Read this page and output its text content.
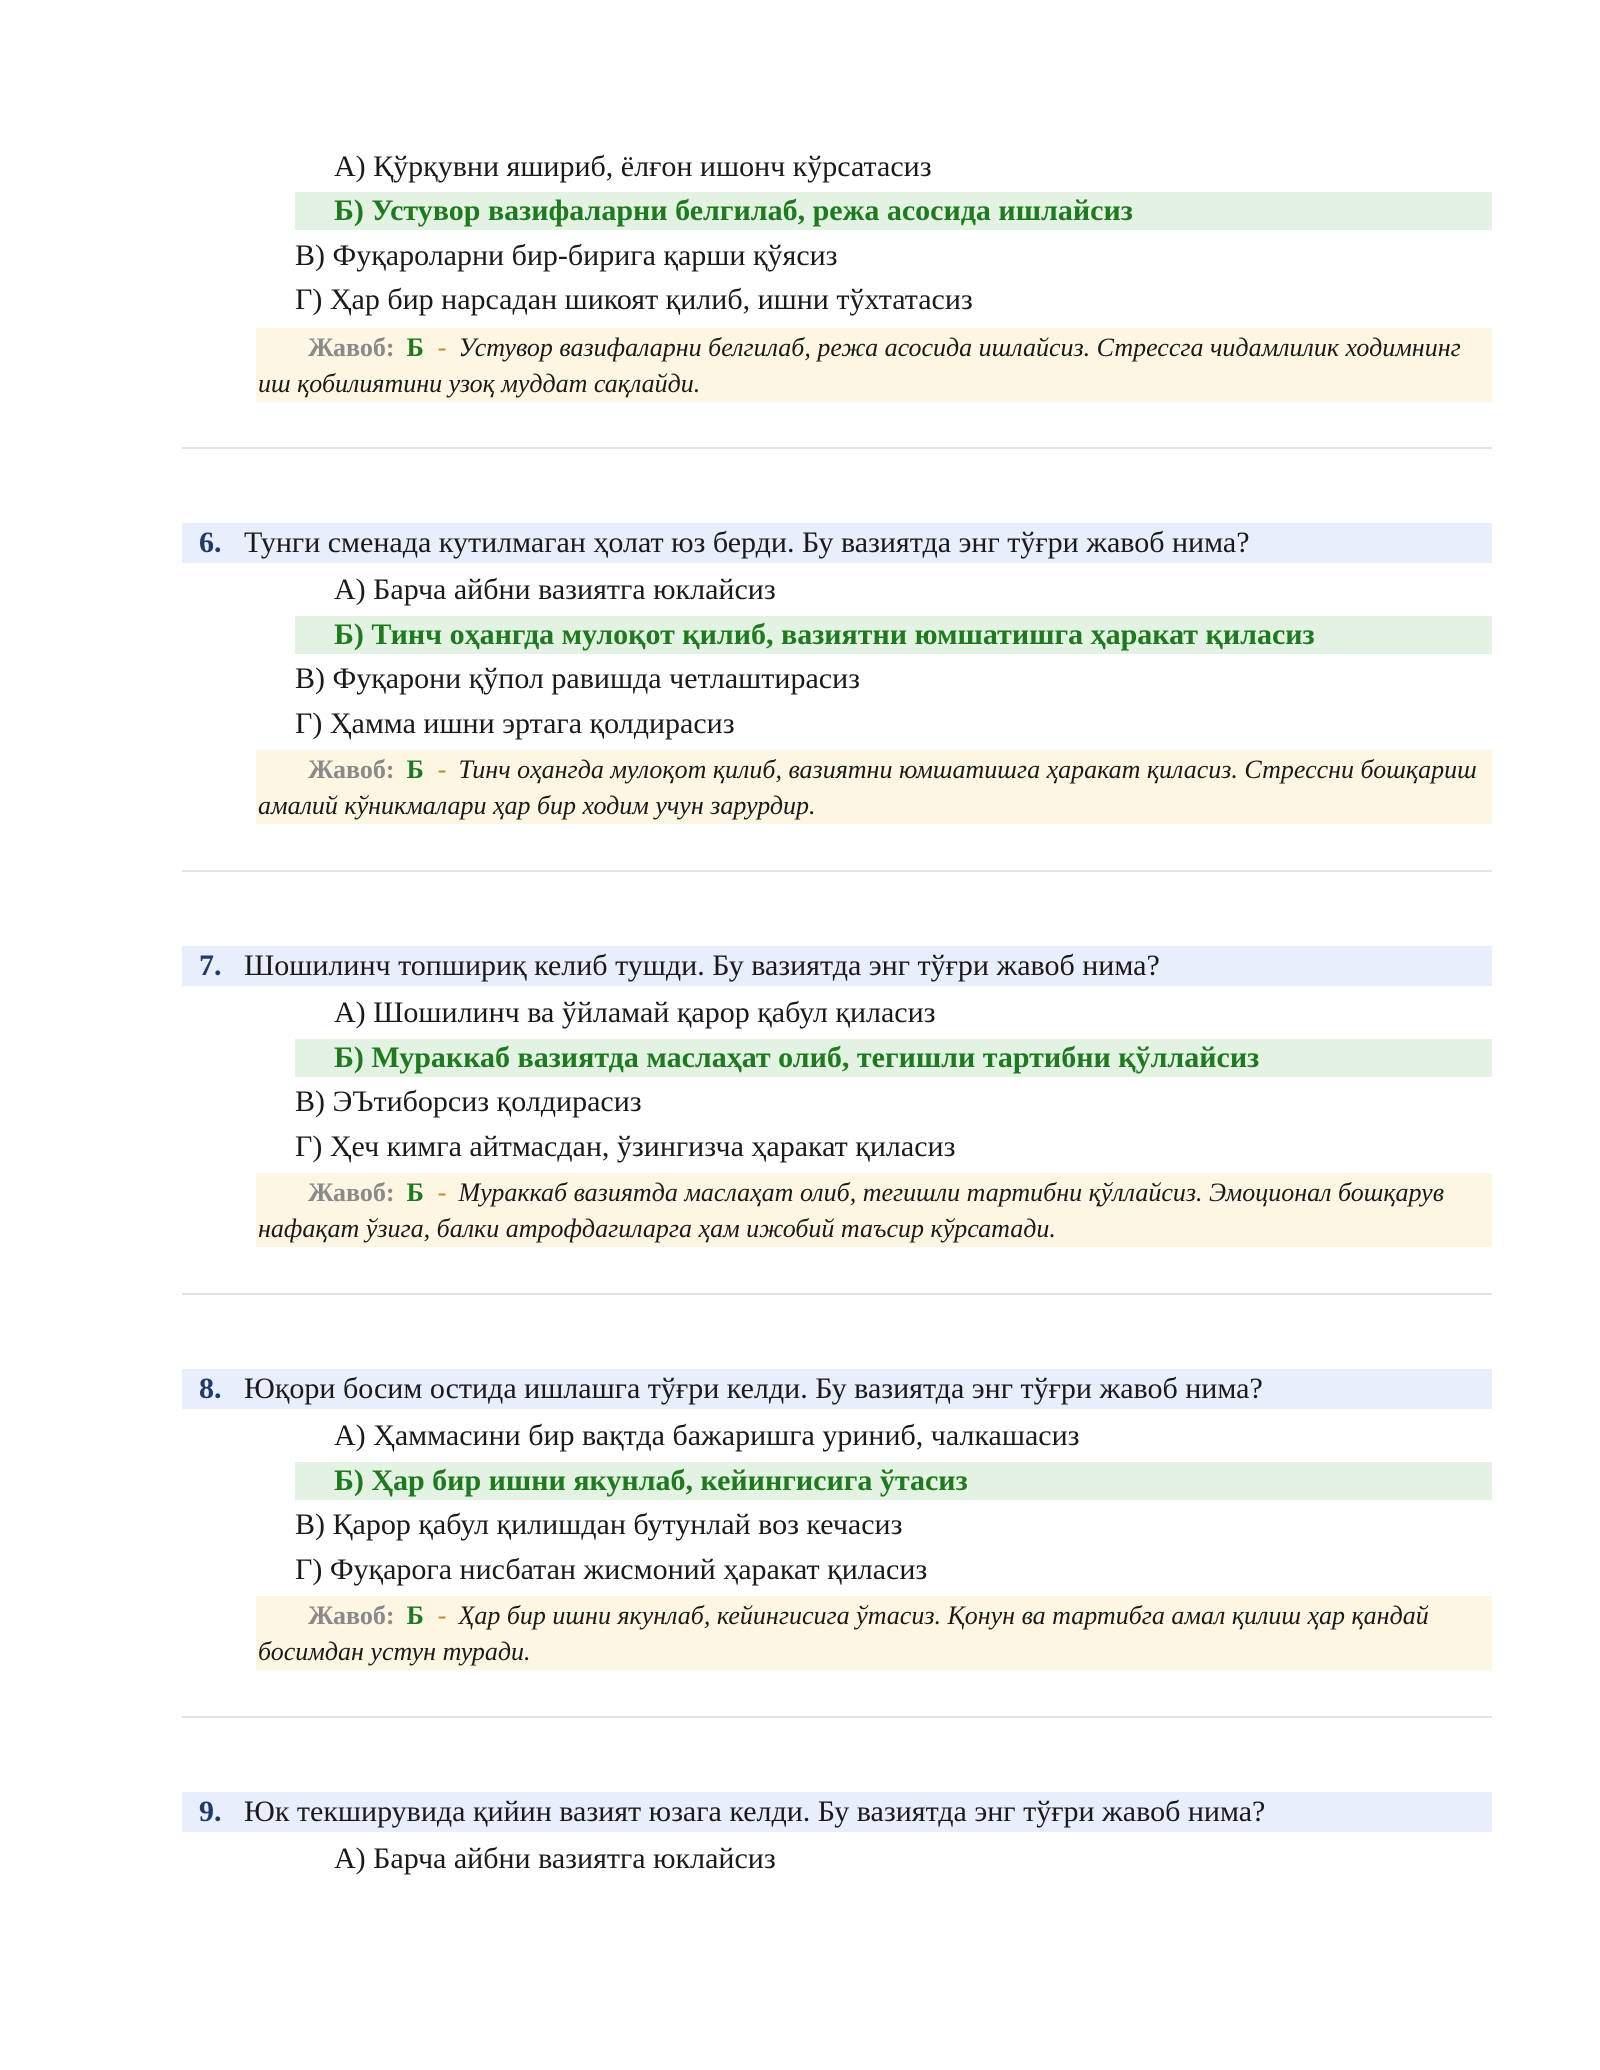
А) Қўрқувни яшириб, ёлғон ишонч кўрсатасиз
Б) Устувор вазифаларни белгилаб, режа асосида ишлайсиз
В) Фуқароларни бир-бирига қарши қўясиз
Г) Ҳар бир нарсадан шикоят қилиб, ишни тўхтатасиз
Жавоб: Б - Устувор вазифаларни белгилаб, режа асосида ишлайсиз. Стрессга чидамлилик ходимнинг иш қобилиятини узоқ муддат сақлайди.
6. Тунги сменада кутилмаган ҳолат юз берди. Бу вазиятда энг тўғри жавоб нима?
А) Барча айбни вазиятга юклайсиз
Б) Тинч оҳангда мулоқот қилиб, вазиятни юмшатишга ҳаракат қиласиз
В) Фуқарони қўпол равишда четлаштирасиз
Г) Ҳамма ишни эртага қолдирасиз
Жавоб: Б - Тинч оҳангда мулоқот қилиб, вазиятни юмшатишга ҳаракат қиласиз. Стрессни бошқариш амалий кўникмалари ҳар бир ходим учун зарурдир.
7. Шошилинч топшириқ келиб тушди. Бу вазиятда энг тўғри жавоб нима?
А) Шошилинч ва ўйламай қарор қабул қиласиз
Б) Мураккаб вазиятда маслаҳат олиб, тегишли тартибни қўллайсиз
В) ЭЪтиборсиз қолдирасиз
Г) Ҳеч кимга айтмасдан, ўзингизча ҳаракат қиласиз
Жавоб: Б - Мураккаб вазиятда маслаҳат олиб, тегишли тартибни қўллайсиз. Эмоционал бошқарув нафақат ўзига, балки атрофдагиларга ҳам ижобий таъсир кўрсатади.
8. Юқори босим остида ишлашга тўғри келди. Бу вазиятда энг тўғри жавоб нима?
А) Ҳаммасини бир вақтда бажаришга уриниб, чалкашасиз
Б) Ҳар бир ишни якунлаб, кейингисига ўтасиз
В) Қарор қабул қилишдан бутунлай воз кечасиз
Г) Фуқарога нисбатан жисмоний ҳаракат қиласиз
Жавоб: Б - Ҳар бир ишни якунлаб, кейингисига ўтасиз. Қонун ва тартибга амал қилиш ҳар қандай босимдан устун туради.
9. Юк текширувида қийин вазият юзага келди. Бу вазиятда энг тўғри жавоб нима?
А) Барча айбни вазиятга юклайсиз
